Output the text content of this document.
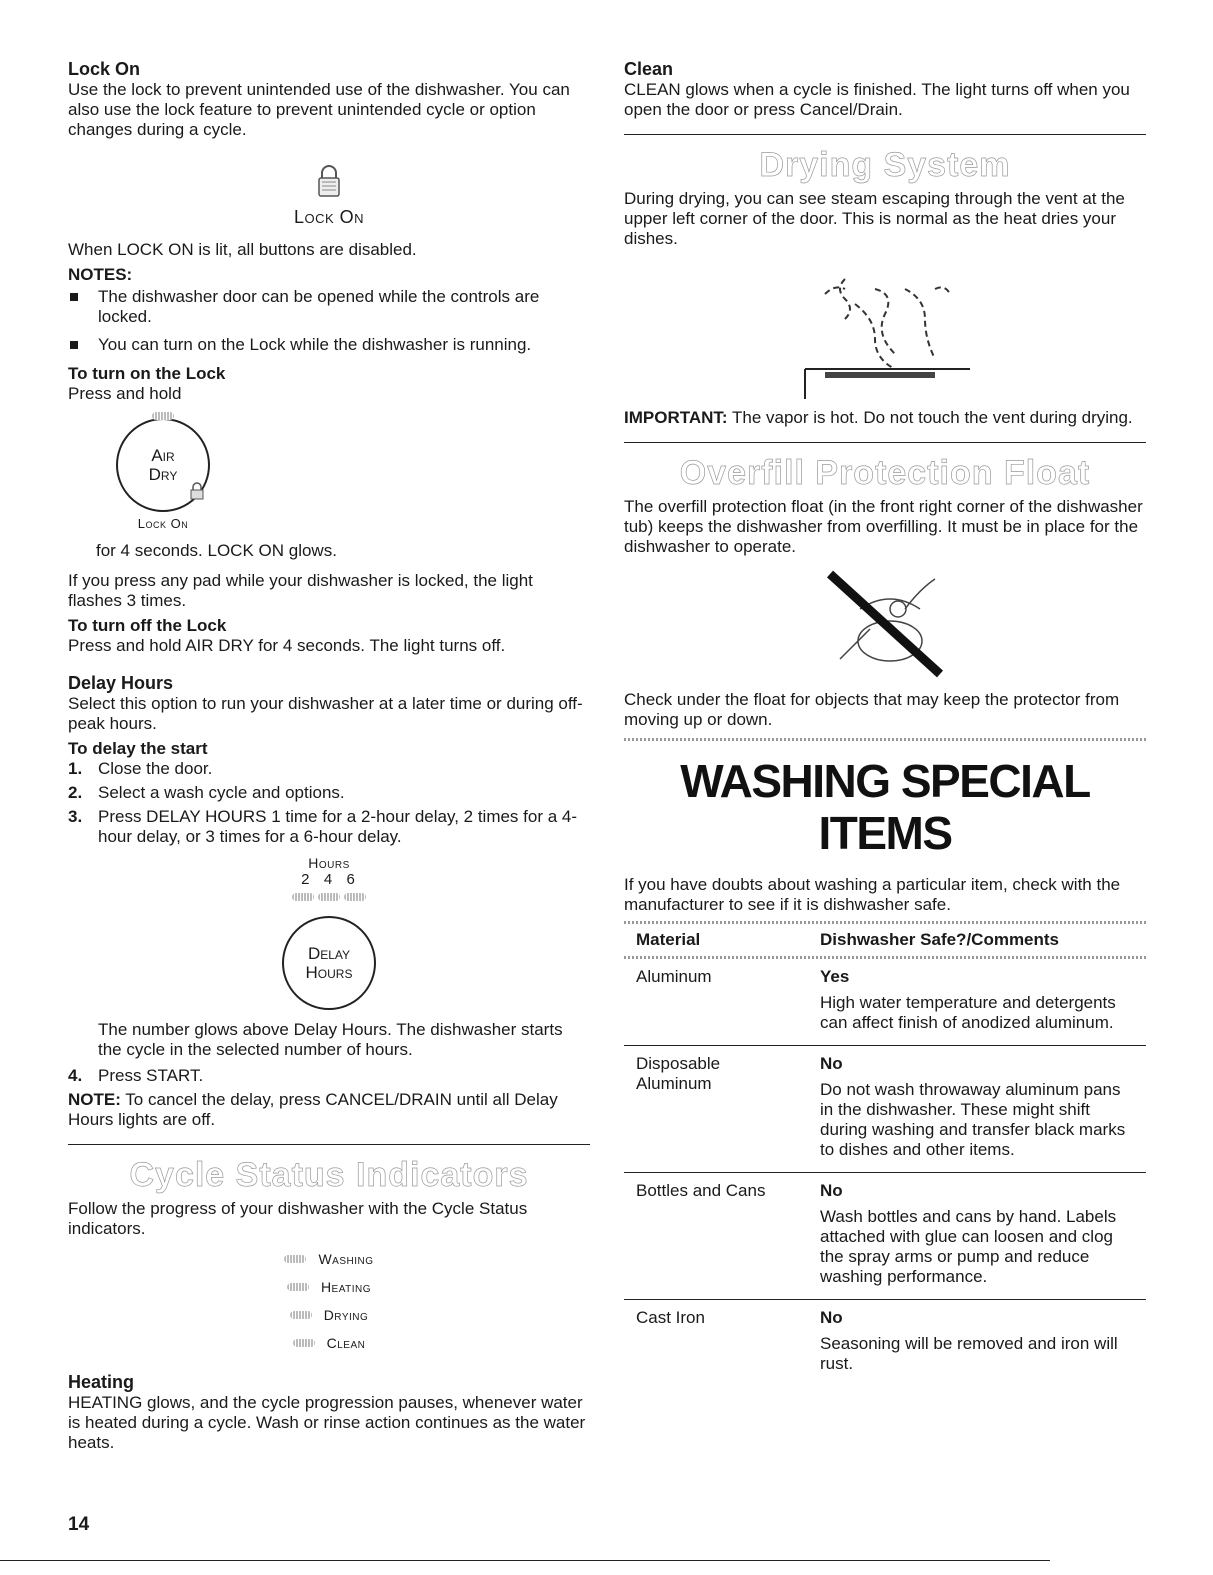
Lock On

Use the lock to prevent unintended use of the dishwasher. You can also use the lock feature to prevent unintended cycle or option changes during a cycle.

Lock On

When LOCK ON is lit, all buttons are disabled.

NOTES:

The dishwasher door can be opened while the controls are locked.
You can turn on the Lock while the dishwasher is running.

To turn on the Lock

Press and hold

Air
Dry
Lock On

for 4 seconds. LOCK ON glows.

If you press any pad while your dishwasher is locked, the light flashes 3 times.

To turn off the Lock

Press and hold AIR DRY for 4 seconds. The light turns off.

Delay Hours

Select this option to run your dishwasher at a later time or during off-peak hours.

To delay the start

1. Close the door.
2. Select a wash cycle and options.
3. Press DELAY HOURS 1 time for a 2-hour delay, 2 times for a 4-hour delay, or 3 times for a 6-hour delay.
Hours
2 4 6

Delay
Hours

The number glows above Delay Hours. The dishwasher starts the cycle in the selected number of hours.

4. Press START.

NOTE: To cancel the delay, press CANCEL/DRAIN until all Delay Hours lights are off.

Cycle Status Indicators

Follow the progress of your dishwasher with the Cycle Status indicators.

Washing
Heating
Drying
Clean

Heating

HEATING glows, and the cycle progression pauses, whenever water is heated during a cycle. Wash or rinse action continues as the water heats.

Clean

CLEAN glows when a cycle is finished. The light turns off when you open the door or press Cancel/Drain.

Drying System

During drying, you can see steam escaping through the vent at the upper left corner of the door. This is normal as the heat dries your dishes.

IMPORTANT: The vapor is hot. Do not touch the vent during drying.

Overfill Protection Float

The overfill protection float (in the front right corner of the dishwasher tub) keeps the dishwasher from overfilling. It must be in place for the dishwasher to operate.

Check under the float for objects that may keep the protector from moving up or down.

WASHING SPECIAL
ITEMS

If you have doubts about washing a particular item, check with the manufacturer to see if it is dishwasher safe.

Material	Dishwasher Safe?/Comments

Aluminum	Yes
High water temperature and detergents can affect finish of anodized aluminum.

Disposable Aluminum	No
Do not wash throwaway aluminum pans in the dishwasher. These might shift during washing and transfer black marks to dishes and other items.

Bottles and Cans	No
Wash bottles and cans by hand. Labels attached with glue can loosen and clog the spray arms or pump and reduce washing performance.

Cast Iron	No
Seasoning will be removed and iron will rust.
14
